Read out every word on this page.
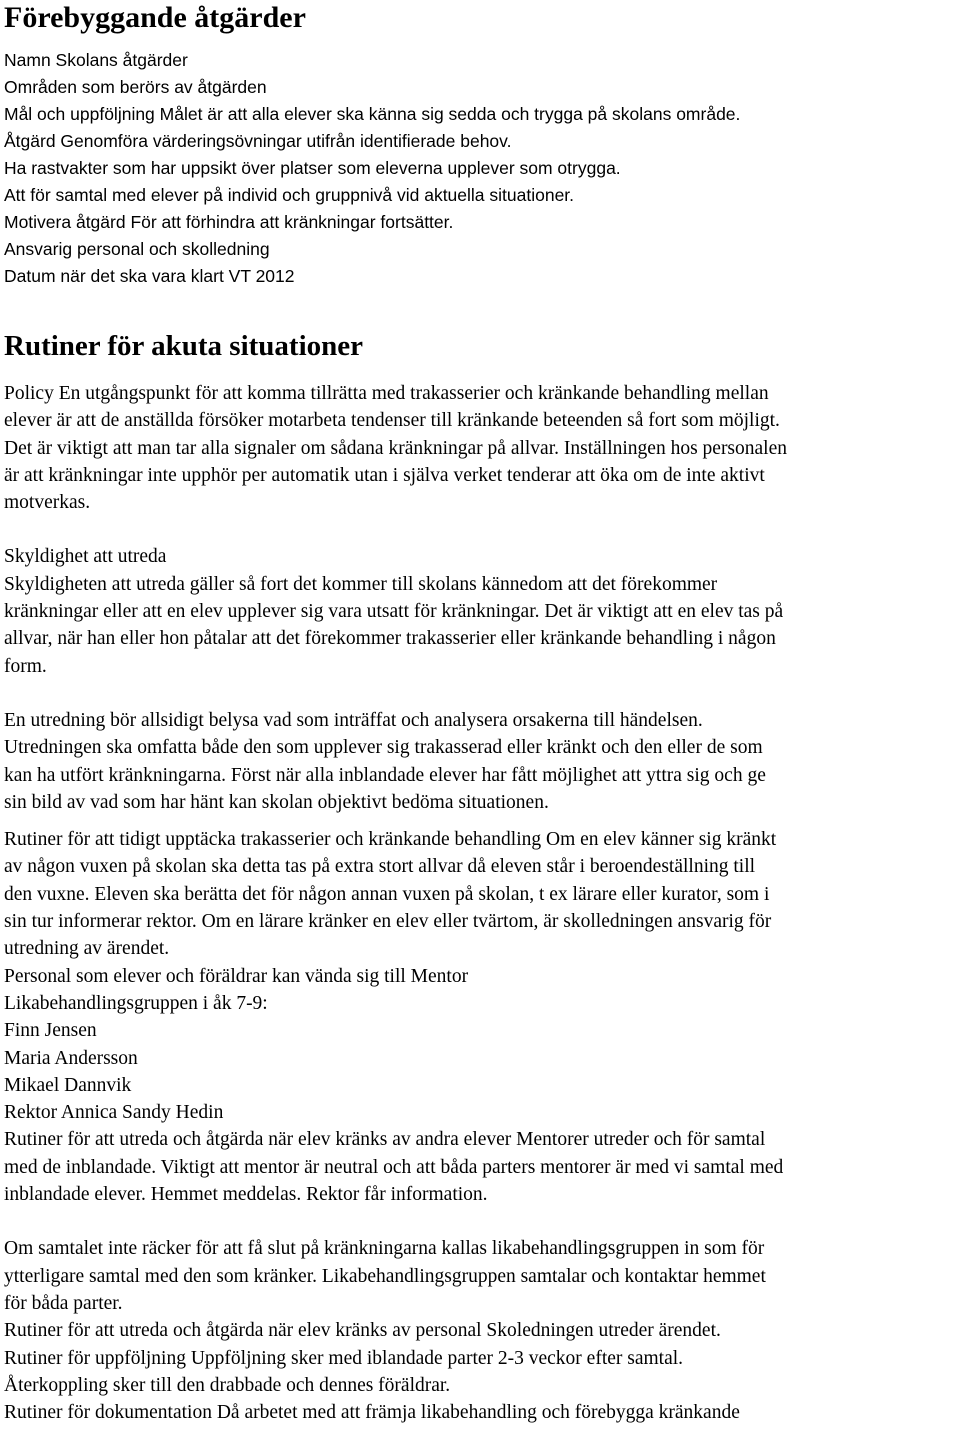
Förebyggande åtgärder
Namn Skolans åtgärder
Områden som berörs av åtgärden
Mål och uppföljning Målet är att alla elever ska känna sig sedda och trygga på skolans område.
Åtgärd Genomföra värderingsövningar utifrån identifierade behov.
Ha rastvakter som har uppsikt över platser som eleverna upplever som otrygga.
Att för samtal med elever på individ och gruppnivå vid aktuella situationer.
Motivera åtgärd För att förhindra att kränkningar fortsätter.
Ansvarig personal och skolledning
Datum när det ska vara klart VT 2012
Rutiner för akuta situationer
Policy En utgångspunkt för att komma tillrätta med trakasserier och kränkande behandling mellan
elever är att de anställda försöker motarbeta tendenser till kränkande beteenden så fort som möjligt.
Det är viktigt att man tar alla signaler om sådana kränkningar på allvar. Inställningen hos personalen
är att kränkningar inte upphör per automatik utan i själva verket tenderar att öka om de inte aktivt
motverkas.
Skyldighet att utreda
Skyldigheten att utreda gäller så fort det kommer till skolans kännedom att det förekommer
kränkningar eller att en elev upplever sig vara utsatt för kränkningar. Det är viktigt att en elev tas på
allvar, när han eller hon påtalar att det förekommer trakasserier eller kränkande behandling i någon
form.
En utredning bör allsidigt belysa vad som inträffat och analysera orsakerna till händelsen.
Utredningen ska omfatta både den som upplever sig trakasserad eller kränkt och den eller de som
kan ha utfört kränkningarna. Först när alla inblandade elever har fått möjlighet att yttra sig och ge
sin bild av vad som har hänt kan skolan objektivt bedöma situationen.
Rutiner för att tidigt upptäcka trakasserier och kränkande behandling Om en elev känner sig kränkt
av någon vuxen på skolan ska detta tas på extra stort allvar då eleven står i beroendeställning till
den vuxne. Eleven ska berätta det för någon annan vuxen på skolan, t ex lärare eller kurator, som i
sin tur informerar rektor. Om en lärare kränker en elev eller tvärtom, är skolledningen ansvarig för
utredning av ärendet.
Personal som elever och föräldrar kan vända sig till Mentor
Likabehandlingsgruppen i åk 7-9:
Finn Jensen
Maria Andersson
Mikael Dannvik
Rektor Annica Sandy Hedin
Rutiner för att utreda och åtgärda när elev kränks av andra elever Mentorer utreder och för samtal
med de inblandade. Viktigt att mentor är neutral och att båda parters mentorer är med vi samtal med
inblandade elever. Hemmet meddelas. Rektor får information.
Om samtalet inte räcker för att få slut på kränkningarna kallas likabehandlingsgruppen in som för
ytterligare samtal med den som kränker. Likabehandlingsgruppen samtalar och kontaktar hemmet
för båda parter.
Rutiner för att utreda och åtgärda när elev kränks av personal Skoledningen utreder ärendet.
Rutiner för uppföljning Uppföljning sker med iblandade parter 2-3 veckor efter samtal.
Återkoppling sker till den drabbade och dennes föräldrar.
Rutiner för dokumentation Då arbetet med att främja likabehandling och förebygga kränkande
